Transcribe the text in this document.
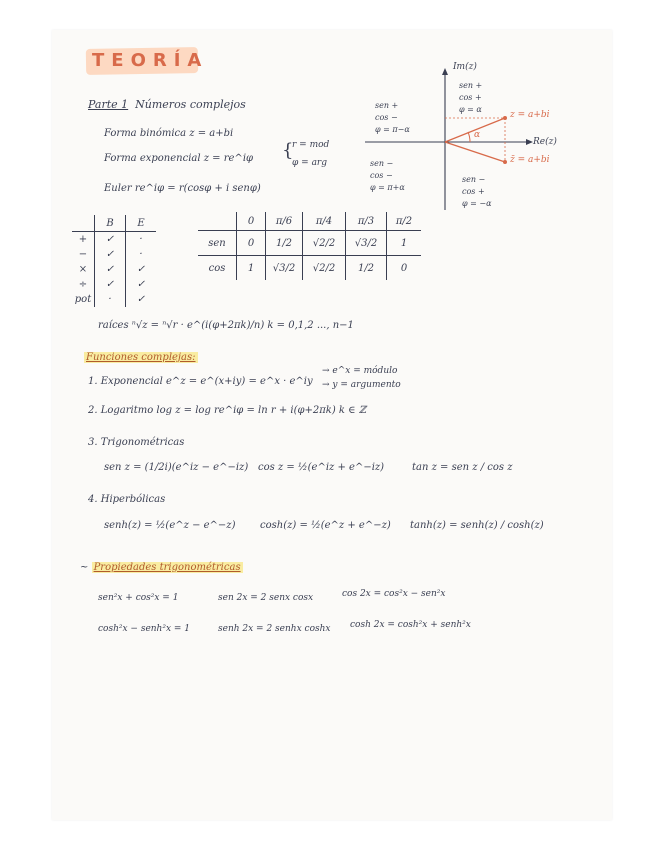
TEORÍA
Parte 1 Números complejos
Forma binómica z = a+bi
Forma exponencial z = re^iφ {
r = mod
φ = arg
Euler re^iφ = r(cosφ + i senφ)
Im(z)
Re(z)
z = a+bi
z̄ = a+bi
α
sen +
cos −
φ = π−α
sen +
cos +
φ = α
sen −
cos −
φ = π+α
sen −
cos +
φ = −α
	B	E
+	✓	·
−	✓	·
×	✓	✓
÷	✓	✓
pot	·	✓
	0	π/6	π/4	π/3	π/2
sen	0	1/2	√2/2	√3/2	1
cos	1	√3/2	√2/2	1/2	0
raíces ⁿ√z = ⁿ√r · e^(i(φ+2πk)/n) k = 0,1,2 ..., n−1
Funciones complejas:
1. Exponencial e^z = e^(x+iy) = e^x · e^iy
→ e^x = módulo
→ y = argumento
2. Logaritmo log z = log re^iφ = ln r + i(φ+2πk) k ∈ ℤ
3. Trigonométricas
sen z = (1/2i)(e^iz − e^−iz) cos z = ½(e^iz + e^−iz)	tan z = sen z / cos z
4. Hiperbólicas
senh(z) = ½(e^z − e^−z) cosh(z) = ½(e^z + e^−z) tanh(z) = senh(z) / cosh(z)
~ Propiedades trigonométricas
sen²x + cos²x = 1	sen 2x = 2 senx cosx	cos 2x = cos²x − sen²x
cosh²x − senh²x = 1	senh 2x = 2 senhx coshx cosh 2x = cosh²x + senh²x
